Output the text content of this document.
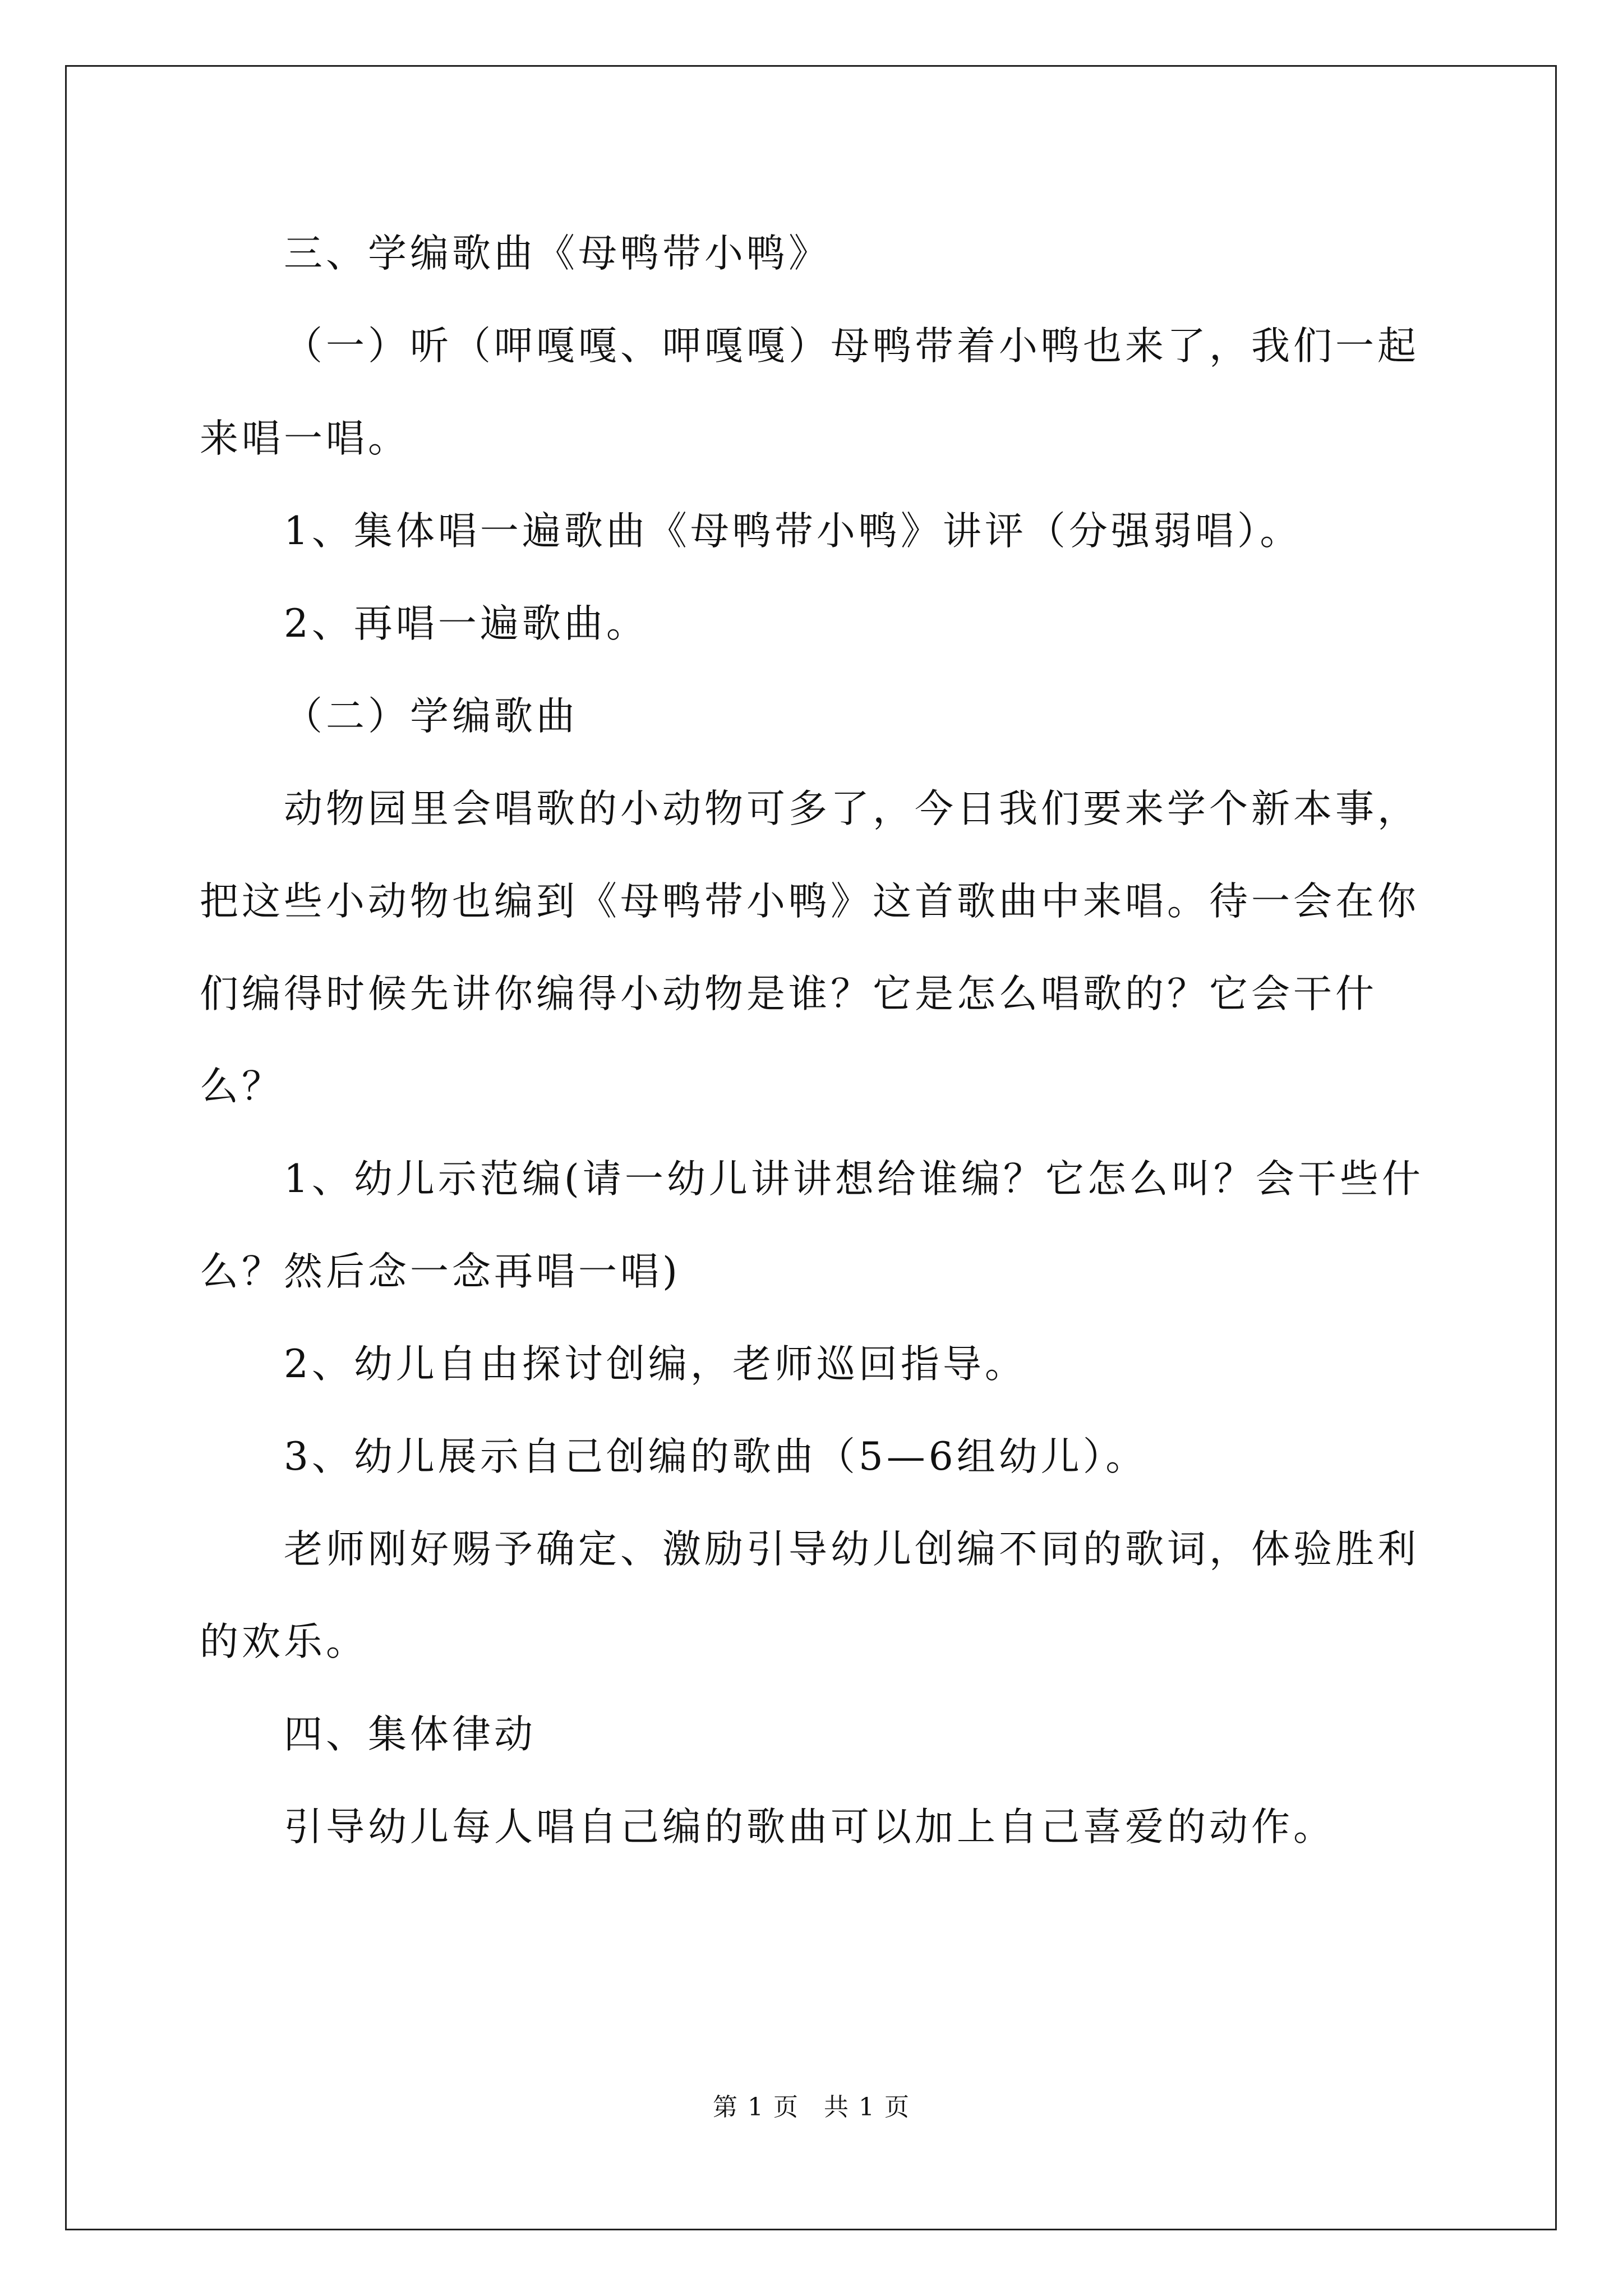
三、学编歌曲《母鸭带小鸭》

（一）听（呷嘎嘎、呷嘎嘎）母鸭带着小鸭也来了，我们一起来唱一唱。

1、集体唱一遍歌曲《母鸭带小鸭》讲评（分强弱唱）。

2、再唱一遍歌曲。

（二）学编歌曲

动物园里会唱歌的小动物可多了，今日我们要来学个新本事，把这些小动物也编到《母鸭带小鸭》这首歌曲中来唱。待一会在你们编得时候先讲你编得小动物是谁？它是怎么唱歌的？它会干什么？

1、幼儿示范编(请一幼儿讲讲想给谁编？它怎么叫？会干些什么？然后念一念再唱一唱)

2、幼儿自由探讨创编，老师巡回指导。

3、幼儿展示自己创编的歌曲（5—6组幼儿）。

老师刚好赐予确定、激励引导幼儿创编不同的歌词，体验胜利的欢乐。

四、集体律动

引导幼儿每人唱自己编的歌曲可以加上自己喜爱的动作。

第 1 页 共 1 页
